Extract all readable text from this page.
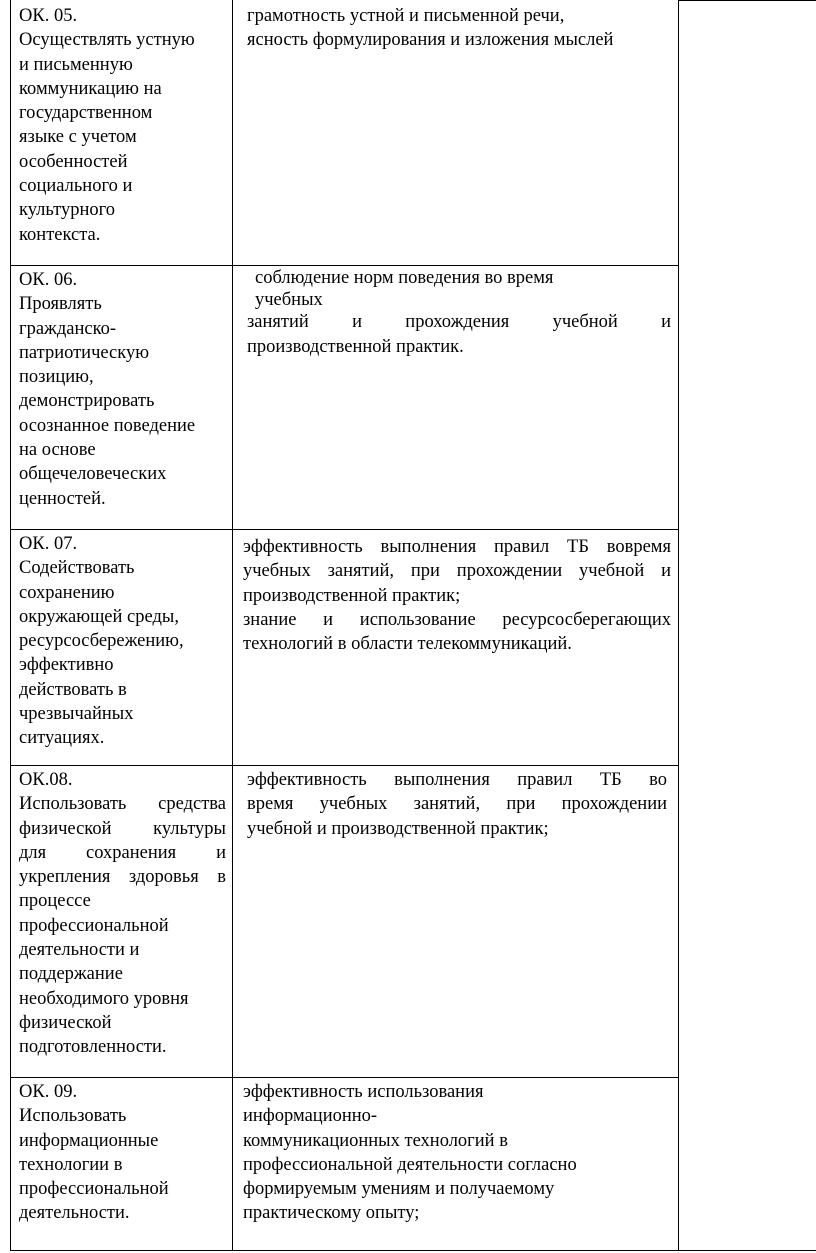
ОК. 05.
Осуществлять устную
и письменную
коммуникацию на
государственном
языке с учетом
особенностей
социального и
культурного
контекста.
грамотность устной и письменной речи,
ясность формулирования и изложения мыслей
ОК. 06.
Проявлять
гражданско-
патриотическую
позицию,
демонстрировать
осознанное поведение
на основе
общечеловеческих
ценностей.
соблюдение норм поведения во время
учебных
занятий и прохождения учебной и
производственной практик.
ОК. 07.
Содействовать
сохранению
окружающей среды,
ресурсосбережению,
эффективно
действовать в
чрезвычайных
ситуациях.
эффективность выполнения правил ТБ вовремя
учебных занятий, при прохождении учебной и
производственной практик;
знание и использование ресурсосберегающих
технологий в области телекоммуникаций.
ОК.08.
Использовать средства
физической культуры
для сохранения и
укрепления здоровья в
процессе
профессиональной
деятельности и
поддержание
необходимого уровня
физической
подготовленности.
эффективность выполнения правил ТБ во
время учебных занятий, при прохождении
учебной и производственной практик;
ОК. 09.
Использовать
информационные
технологии в
профессиональной
деятельности.
эффективность использования
информационно-
коммуникационных технологий в
профессиональной деятельности согласно
формируемым умениям и получаемому
практическому опыту;
